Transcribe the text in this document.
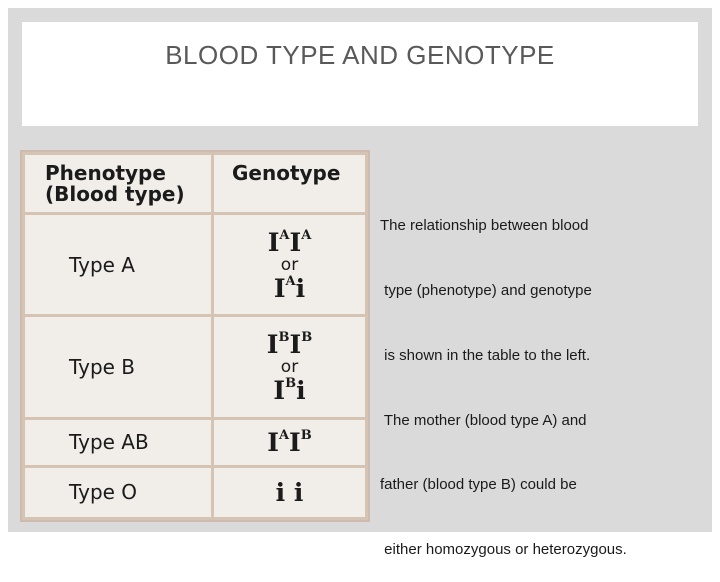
BLOOD TYPE AND GENOTYPE
Phenotype
(Blood type)	Genotype
Type A	$I^AI^A$
or
$I^Ai$

Type B	$I^BI^B$
or
$I^Bi$

Type AB	$I^AI^B$
Type O	i i

The relationship between blood

type (phenotype) and genotype

is shown in the table to the left.

The mother (blood type A) and

father (blood type B) could be

either homozygous or heterozygous.
